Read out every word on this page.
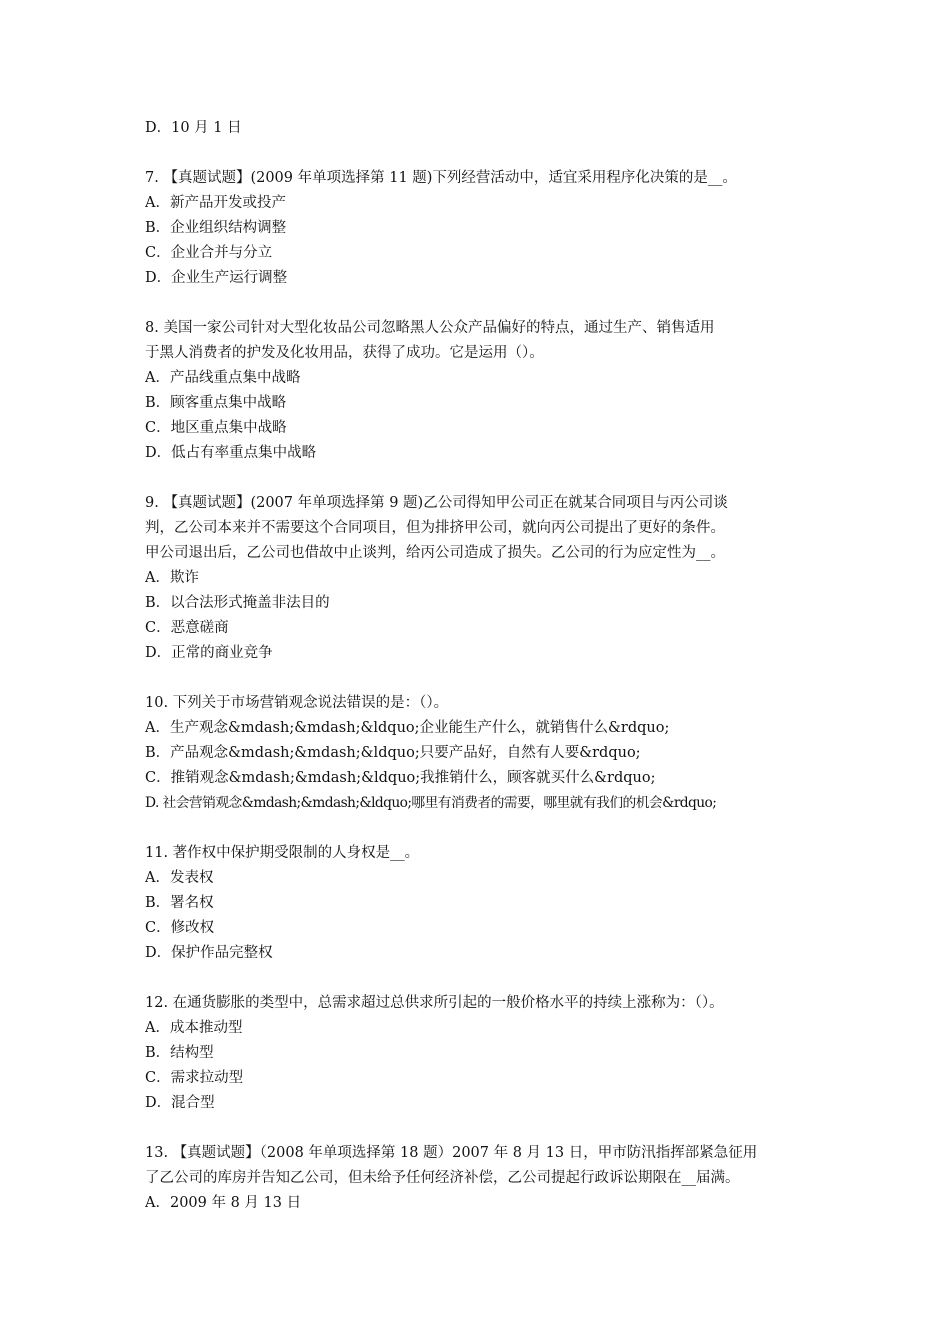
D．10 月 1 日
7. 【真题试题】(2009 年单项选择第 11 题)下列经营活动中，适宜采用程序化决策的是__。
A．新产品开发或投产
B．企业组织结构调整
C．企业合并与分立
D．企业生产运行调整
8. 美国一家公司针对大型化妆品公司忽略黑人公众产品偏好的特点，通过生产、销售适用
于黑人消费者的护发及化妆用品，获得了成功。它是运用（）。
A．产品线重点集中战略
B．顾客重点集中战略
C．地区重点集中战略
D．低占有率重点集中战略
9. 【真题试题】(2007 年单项选择第 9 题)乙公司得知甲公司正在就某合同项目与丙公司谈
判，乙公司本来并不需要这个合同项目，但为排挤甲公司，就向丙公司提出了更好的条件。
甲公司退出后，乙公司也借故中止谈判，给丙公司造成了损失。乙公司的行为应定性为__。
A．欺诈
B．以合法形式掩盖非法目的
C．恶意磋商
D．正常的商业竞争
10. 下列关于市场营销观念说法错误的是：（）。
A．生产观念&mdash;&mdash;&ldquo;企业能生产什么，就销售什么&rdquo;
B．产品观念&mdash;&mdash;&ldquo;只要产品好，自然有人要&rdquo;
C．推销观念&mdash;&mdash;&ldquo;我推销什么，顾客就买什么&rdquo;
D. 社会营销观念&mdash;&mdash;&ldquo;哪里有消费者的需要，哪里就有我们的机会&rdquo;
11. 著作权中保护期受限制的人身权是__。
A．发表权
B．署名权
C．修改权
D．保护作品完整权
12. 在通货膨胀的类型中，总需求超过总供求所引起的一般价格水平的持续上涨称为：（）。
A．成本推动型
B．结构型
C．需求拉动型
D．混合型
13. 【真题试题】（2008 年单项选择第 18 题）2007 年 8 月 13 日，甲市防汛指挥部紧急征用
了乙公司的库房并告知乙公司，但未给予任何经济补偿，乙公司提起行政诉讼期限在__届满。
A．2009 年 8 月 13 日
